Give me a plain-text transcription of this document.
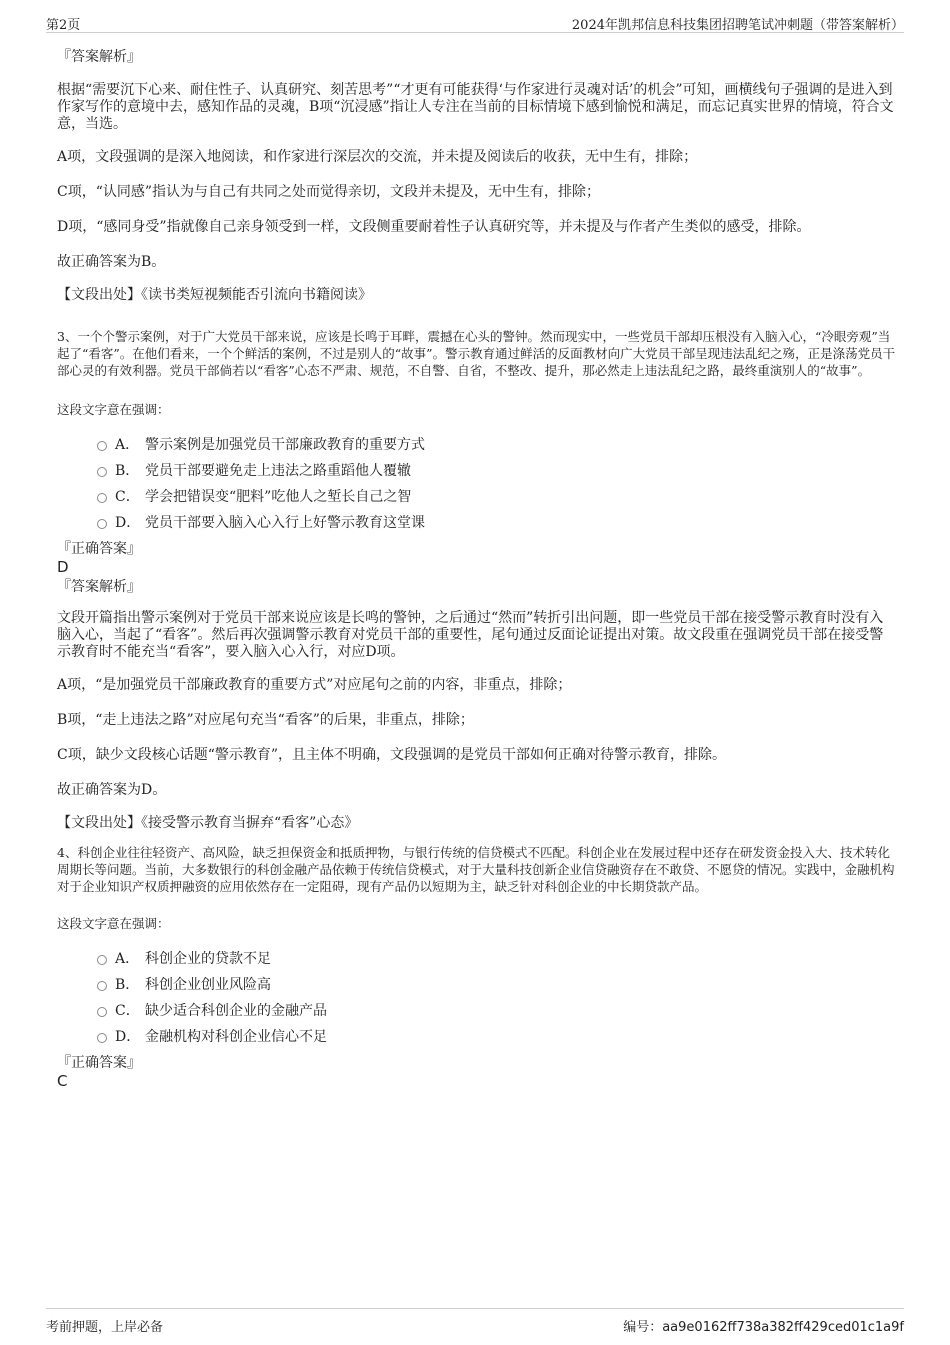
第2页	2024年凯邦信息科技集团招聘笔试冲刺题（带答案解析）

『答案解析』

根据“需要沉下心来、耐住性子、认真研究、刻苦思考”“才更有可能获得‘与作家进行灵魂对话’的机会”可知，画横线句子强调的是进入到作家写作的意境中去，感知作品的灵魂，B项“沉浸感”指让人专注在当前的目标情境下感到愉悦和满足，而忘记真实世界的情境，符合文意，当选。

A项，文段强调的是深入地阅读，和作家进行深层次的交流，并未提及阅读后的收获，无中生有，排除；

C项，“认同感”指认为与自己有共同之处而觉得亲切，文段并未提及，无中生有，排除；

D项，“感同身受”指就像自己亲身领受到一样，文段侧重要耐着性子认真研究等，并未提及与作者产生类似的感受，排除。

故正确答案为B。

【文段出处】《读书类短视频能否引流向书籍阅读》

3、一个个警示案例，对于广大党员干部来说，应该是长鸣于耳畔，震撼在心头的警钟。然而现实中，一些党员干部却压根没有入脑入心，“冷眼旁观”当起了“看客”。在他们看来，一个个鲜活的案例，不过是别人的“故事”。警示教育通过鲜活的反面教材向广大党员干部呈现违法乱纪之殇，正是涤荡党员干部心灵的有效利器。党员干部倘若以“看客”心态不严肃、规范，不自警、自省，不整改、提升，那必然走上违法乱纪之路，最终重演别人的“故事”。

这段文字意在强调：

A． 警示案例是加强党员干部廉政教育的重要方式
B． 党员干部要避免走上违法之路重蹈他人覆辙
C． 学会把错误变“肥料”吃他人之堑长自己之智
D． 党员干部要入脑入心入行上好警示教育这堂课

『正确答案』

D

『答案解析』

文段开篇指出警示案例对于党员干部来说应该是长鸣的警钟，之后通过“然而”转折引出问题，即一些党员干部在接受警示教育时没有入脑入心，当起了“看客”。然后再次强调警示教育对党员干部的重要性，尾句通过反面论证提出对策。故文段重在强调党员干部在接受警示教育时不能充当“看客”，要入脑入心入行，对应D项。

A项，“是加强党员干部廉政教育的重要方式”对应尾句之前的内容，非重点，排除；

B项，“走上违法之路”对应尾句充当“看客”的后果，非重点，排除；

C项，缺少文段核心话题“警示教育”，且主体不明确，文段强调的是党员干部如何正确对待警示教育，排除。

故正确答案为D。

【文段出处】《接受警示教育当摒弃“看客”心态》

4、科创企业往往轻资产、高风险，缺乏担保资金和抵质押物，与银行传统的信贷模式不匹配。科创企业在发展过程中还存在研发资金投入大、技术转化周期长等问题。当前，大多数银行的科创金融产品依赖于传统信贷模式，对于大量科技创新企业信贷融资存在不敢贷、不愿贷的情况。实践中，金融机构对于企业知识产权质押融资的应用依然存在一定阻碍，现有产品仍以短期为主，缺乏针对科创企业的中长期贷款产品。

这段文字意在强调：

A． 科创企业的贷款不足
B． 科创企业创业风险高
C． 缺少适合科创企业的金融产品
D． 金融机构对科创企业信心不足

『正确答案』

C

考前押题，上岸必备	编号：aa9e0162ff738a382ff429ced01c1a9f
